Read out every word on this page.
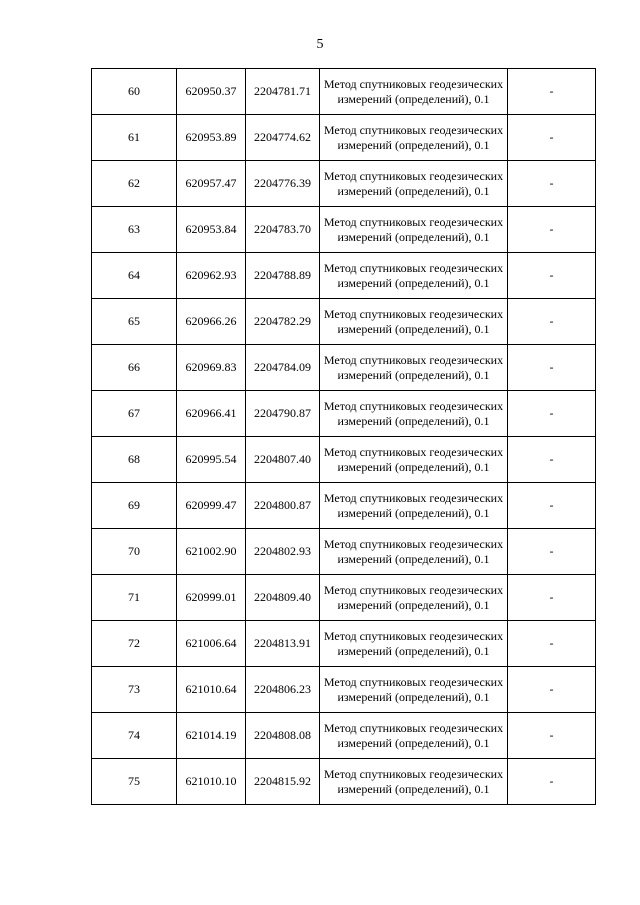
5
60	620950.37	2204781.71	Метод спутниковых геодезических измерений (определений), 0.1	-
61	620953.89	2204774.62	Метод спутниковых геодезических измерений (определений), 0.1	-
62	620957.47	2204776.39	Метод спутниковых геодезических измерений (определений), 0.1	-
63	620953.84	2204783.70	Метод спутниковых геодезических измерений (определений), 0.1	-
64	620962.93	2204788.89	Метод спутниковых геодезических измерений (определений), 0.1	-
65	620966.26	2204782.29	Метод спутниковых геодезических измерений (определений), 0.1	-
66	620969.83	2204784.09	Метод спутниковых геодезических измерений (определений), 0.1	-
67	620966.41	2204790.87	Метод спутниковых геодезических измерений (определений), 0.1	-
68	620995.54	2204807.40	Метод спутниковых геодезических измерений (определений), 0.1	-
69	620999.47	2204800.87	Метод спутниковых геодезических измерений (определений), 0.1	-
70	621002.90	2204802.93	Метод спутниковых геодезических измерений (определений), 0.1	-
71	620999.01	2204809.40	Метод спутниковых геодезических измерений (определений), 0.1	-
72	621006.64	2204813.91	Метод спутниковых геодезических измерений (определений), 0.1	-
73	621010.64	2204806.23	Метод спутниковых геодезических измерений (определений), 0.1	-
74	621014.19	2204808.08	Метод спутниковых геодезических измерений (определений), 0.1	-
75	621010.10	2204815.92	Метод спутниковых геодезических измерений (определений), 0.1	-
